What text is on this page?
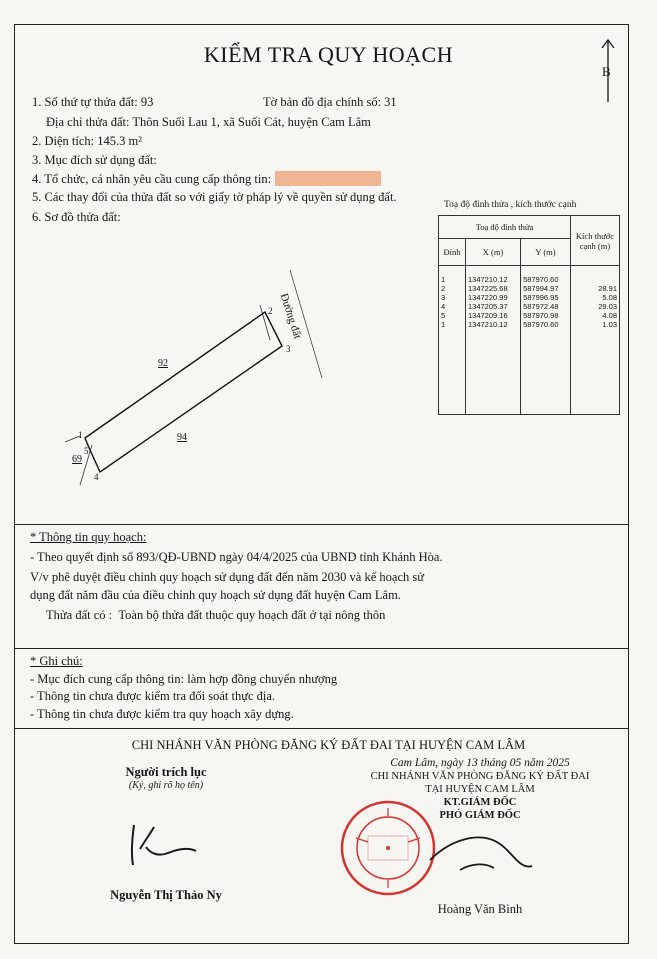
KIỂM TRA QUY HOẠCH
B
1. Số thứ tự thửa đất: 93	Tờ bản đồ địa chính số: 31
Địa chỉ thửa đất: Thôn Suối Lau 1, xã Suối Cát, huyện Cam Lâm
2. Diện tích: 145.3 m²
3. Mục đích sử dụng đất:
4. Tổ chức, cá nhân yêu cầu cung cấp thông tin:
5. Các thay đổi của thửa đất so với giấy tờ pháp lý về quyền sử dụng đất.
6. Sơ đồ thửa đất:
Đường đất
92
94
69
1
2
3
4
5
Toạ độ đỉnh thửa , kích thước cạnh
Toạ độ đỉnh thửa			Kích thước cạnh (m)
Đỉnh	X (m)	Y (m)	

1	1347210.12	587970.60	
2	1347225.68	587994.97	28.91
3	1347220.99	587996.95	5.08
4	1347205.37	587972.48	29.03
5	1347209.16	587970.98	4.08
1	1347210.12	587970.60	1.03

* Thông tin quy hoạch:
- Theo quyết định số 893/QĐ-UBND ngày 04/4/2025 của UBND tỉnh Khánh Hòa.
V/v phê duyệt điều chỉnh quy hoạch sử dụng đất đến năm 2030 và kế hoạch sử
dụng đất năm đầu của điều chỉnh quy hoạch sử dụng đất huyện Cam Lâm.
Thửa đất có : Toàn bộ thửa đất thuộc quy hoạch đất ở tại nông thôn
* Ghi chú:
- Mục đích cung cấp thông tin: làm hợp đồng chuyển nhượng
- Thông tin chưa được kiểm tra đối soát thực địa.
- Thông tin chưa được kiểm tra quy hoạch xây dựng.
CHI NHÁNH VĂN PHÒNG ĐĂNG KÝ ĐẤT ĐAI TẠI HUYỆN CAM LÂM
Người trích lục
(Ký, ghi rõ họ tên)
Nguyễn Thị Thảo Ny
Cam Lâm, ngày 13 tháng 05 năm 2025
CHI NHÁNH VĂN PHÒNG ĐĂNG KÝ ĐẤT ĐAI
TẠI HUYỆN CAM LÂM
KT.GIÁM ĐỐC
PHÓ GIÁM ĐỐC
Hoàng Văn Bình
